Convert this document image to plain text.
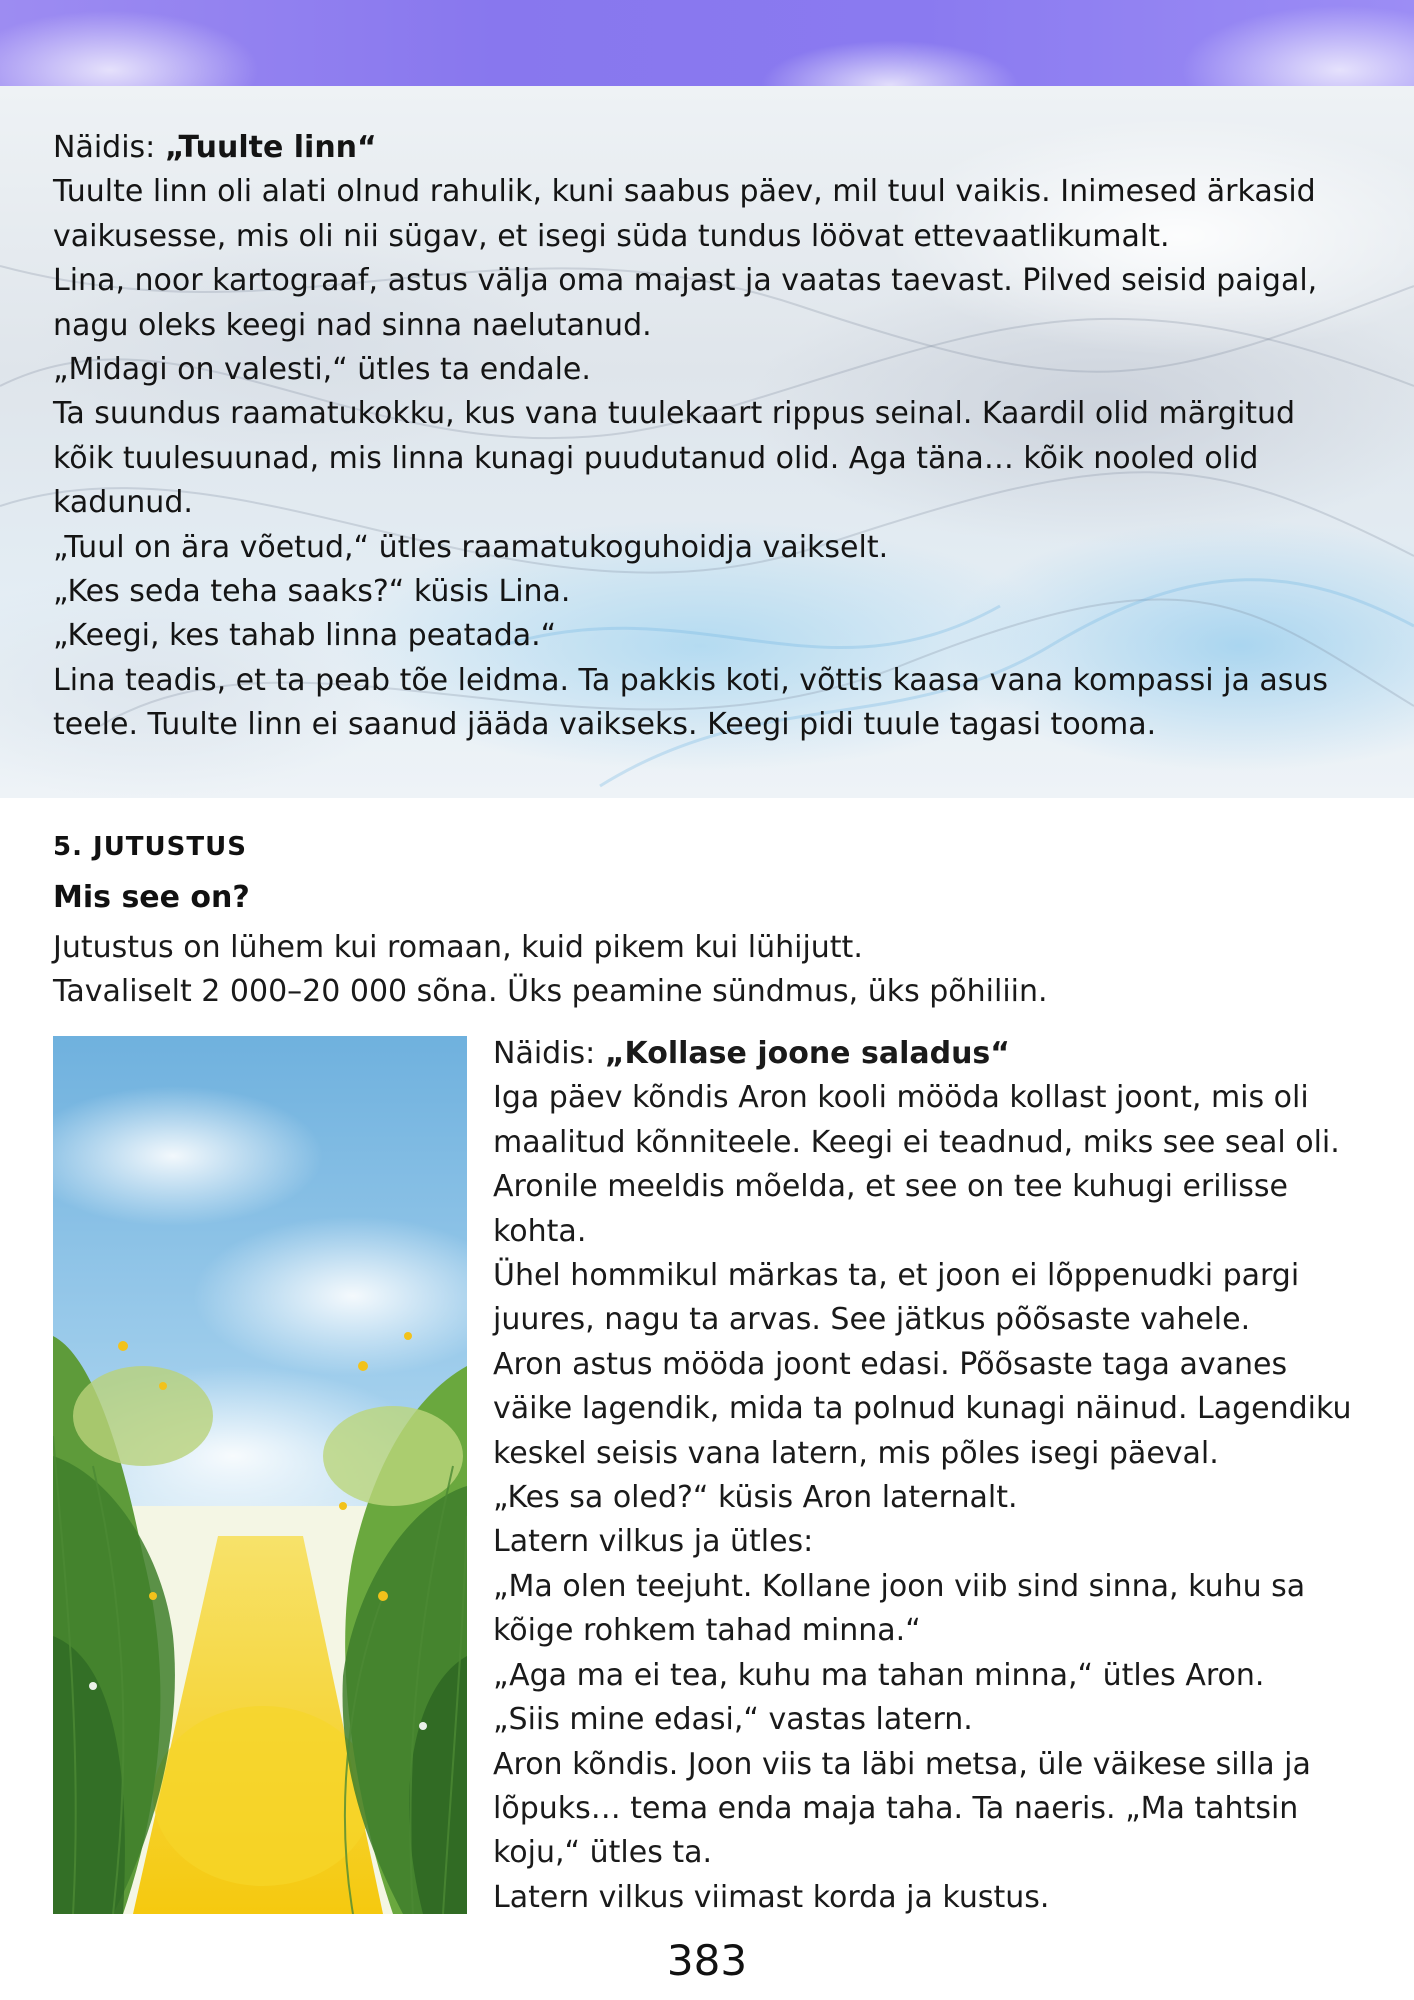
Näidis: „Tuulte linn“

Tuulte linn oli alati olnud rahulik, kuni saabus päev, mil tuul vaikis. Inimesed ärkasid vaikusesse, mis oli nii sügav, et isegi süda tundus löövat ettevaatlikumalt.

Lina, noor kartograaf, astus välja oma majast ja vaatas taevast. Pilved seisid paigal, nagu oleks keegi nad sinna naelutanud.

„Midagi on valesti,“ ütles ta endale.

Ta suundus raamatukokku, kus vana tuulekaart rippus seinal. Kaardil olid märgitud kõik tuulesuunad, mis linna kunagi puudutanud olid. Aga täna… kõik nooled olid kadunud.

„Tuul on ära võetud,“ ütles raamatukoguhoidja vaikselt.

„Kes seda teha saaks?“ küsis Lina.

„Keegi, kes tahab linna peatada.“

Lina teadis, et ta peab tõe leidma. Ta pakkis koti, võttis kaasa vana kompassi ja asus teele. Tuulte linn ei saanud jääda vaikseks. Keegi pidi tuule tagasi tooma.

5. JUTUSTUS
Mis see on?

Jutustus on lühem kui romaan, kuid pikem kui lühijutt.

Tavaliselt 2 000–20 000 sõna. Üks peamine sündmus, üks põhiliin.

Näidis: „Kollase joone saladus“

Iga päev kõndis Aron kooli mööda kollast joont, mis oli maalitud kõnniteele. Keegi ei teadnud, miks see seal oli. Aronile meeldis mõelda, et see on tee kuhugi erilisse kohta.

Ühel hommikul märkas ta, et joon ei lõppenudki pargi juures, nagu ta arvas. See jätkus põõsaste vahele.

Aron astus mööda joont edasi. Põõsaste taga avanes väike lagendik, mida ta polnud kunagi näinud. Lagendiku keskel seisis vana latern, mis põles isegi päeval.

„Kes sa oled?“ küsis Aron laternalt.

Latern vilkus ja ütles:

„Ma olen teejuht. Kollane joon viib sind sinna, kuhu sa kõige rohkem tahad minna.“

„Aga ma ei tea, kuhu ma tahan minna,“ ütles Aron.

„Siis mine edasi,“ vastas latern.

Aron kõndis. Joon viis ta läbi metsa, üle väikese silla ja lõpuks… tema enda maja taha. Ta naeris. „Ma tahtsin koju,“ ütles ta.

Latern vilkus viimast korda ja kustus.

383
